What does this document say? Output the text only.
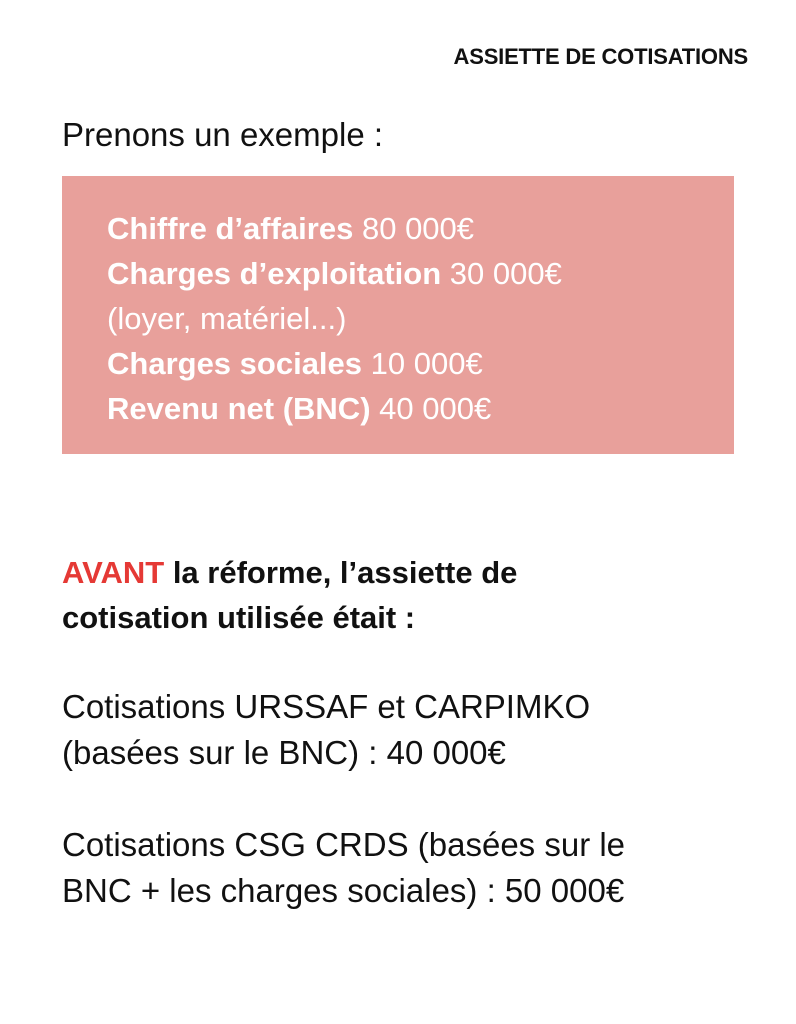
ASSIETTE DE COTISATIONS
Prenons un exemple :
Chiffre d’affaires 80 000€
Charges d’exploitation 30 000€
(loyer, matériel...)
Charges sociales 10 000€
Revenu net (BNC) 40 000€
AVANT la réforme, l’assiette de
cotisation utilisée était :
Cotisations URSSAF et CARPIMKO
(basées sur le BNC) : 40 000€
Cotisations CSG CRDS (basées sur le
BNC + les charges sociales) : 50 000€
